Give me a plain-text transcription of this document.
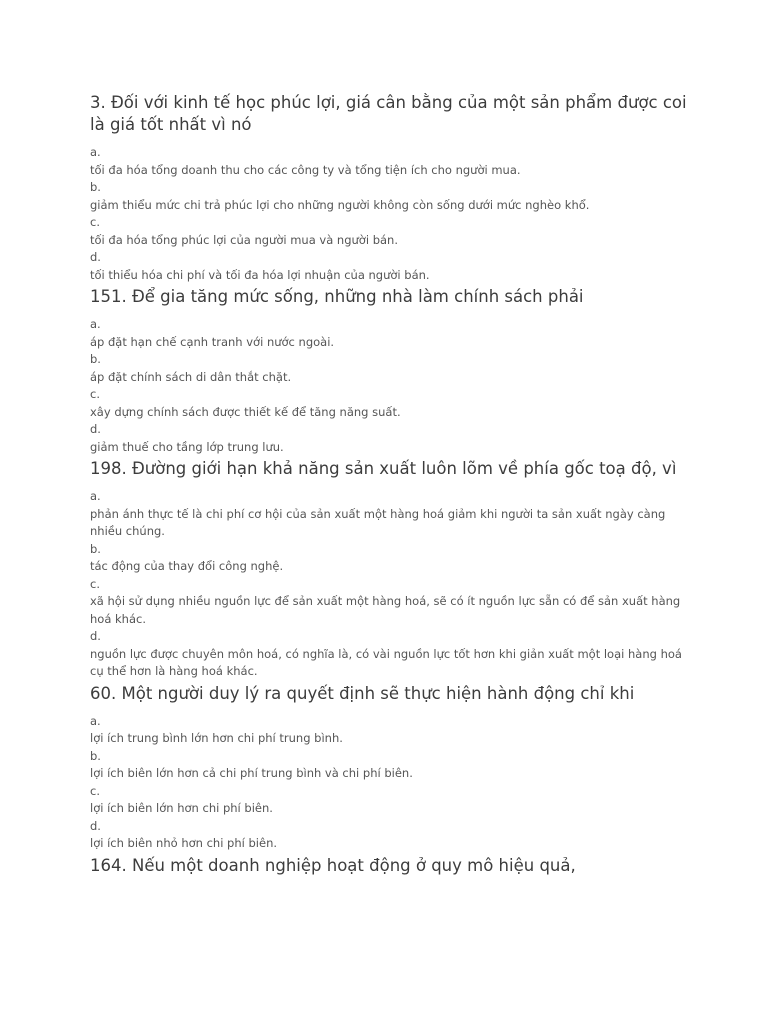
3. Đối với kinh tế học phúc lợi, giá cân bằng của một sản phẩm được coi là giá tốt nhất vì nó
a.
tối đa hóa tổng doanh thu cho các công ty và tổng tiện ích cho người mua.
b.
giảm thiểu mức chi trả phúc lợi cho những người không còn sống dưới mức nghèo khổ.
c.
tối đa hóa tổng phúc lợi của người mua và người bán.
d.
tối thiểu hóa chi phí và tối đa hóa lợi nhuận của người bán.
151. Để gia tăng mức sống, những nhà làm chính sách phải
a.
áp đặt hạn chế cạnh tranh với nước ngoài.
b.
áp đặt chính sách di dân thắt chặt.
c.
xây dựng chính sách được thiết kế để tăng năng suất.
d.
giảm thuế cho tầng lớp trung lưu.
198. Đường giới hạn khả năng sản xuất luôn lõm về phía gốc toạ độ, vì
a.
phản ánh thực tế là chi phí cơ hội của sản xuất một hàng hoá giảm khi người ta sản xuất ngày càng nhiều chúng.
b.
tác động của thay đổi công nghệ.
c.
xã hội sử dụng nhiều nguồn lực để sản xuất một hàng hoá, sẽ có ít nguồn lực sẵn có để sản xuất hàng hoá khác.
d.
nguồn lực được chuyên môn hoá, có nghĩa là, có vài nguồn lực tốt hơn khi giản xuất một loại hàng hoá cụ thể hơn là hàng hoá khác.
60. Một người duy lý ra quyết định sẽ thực hiện hành động chỉ khi
a.
lợi ích trung bình lớn hơn chi phí trung bình.
b.
lợi ích biên lớn hơn cả chi phí trung bình và chi phí biên.
c.
lợi ích biên lớn hơn chi phí biên.
d.
lợi ích biên nhỏ hơn chi phí biên.
164. Nếu một doanh nghiệp hoạt động ở quy mô hiệu quả,
